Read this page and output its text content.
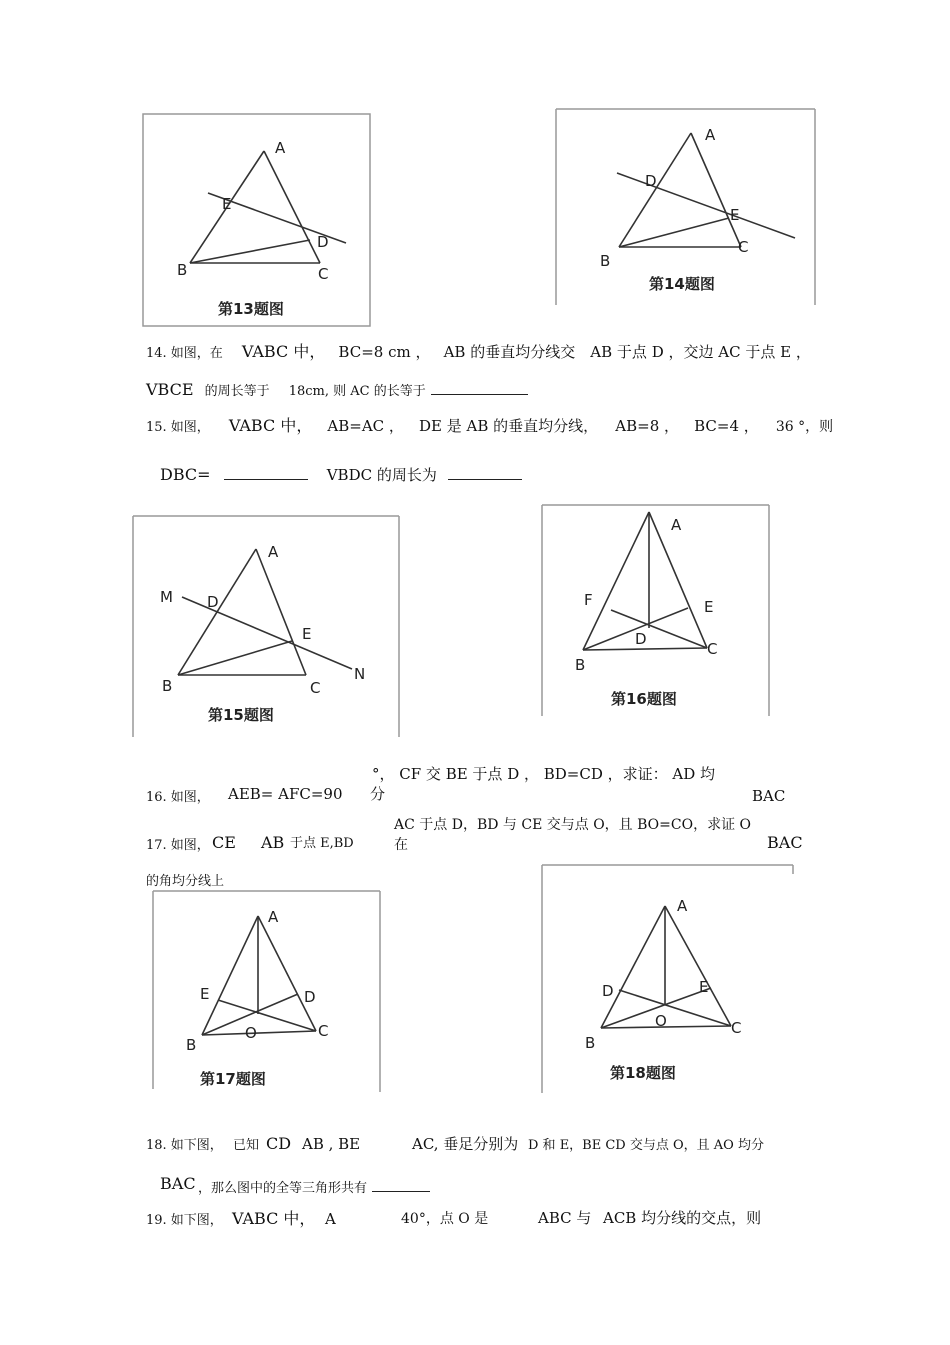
A
B	C
D
E
第13题图
A
B
C
D
E
第14题图
14. 如图，在 VABC 中， BC=8 cm ， AB 的垂直均分线交 AB 于点 D ，交边 AC 于点 E ，
VBCE 的周长等于 18cm, 则 AC 的长等于
15. 如图， VABC 中， AB=AC ， DE 是 AB 的垂直均分线， AB=8 ， BC=4 ， 36 °，则
DBC=	VBDC 的周长为
A
B	C
D
E
M
N
第15题图
A
B
C
D
E
F
第16题图
16. 如图， AEB= AFC=90
°， CF 交 BE 于点 D ， BD=CD ，求证： AD 均
分	BAC
17. 如图， CE AB 于点 E,BD
AC 于点 D，BD 与 CE 交与点 O，且 BO=CO，求证 O
在	BAC
的角均分线上
A
B
C
D
E
O
第17题图
A
B
C
D	E
O
第18题图
18. 如下图， 已知 CD AB , BE	AC, 垂足分别为 D 和 E，BE CD 交与点 O，且 AO 均分
BAC ，那么图中的全等三角形共有
19. 如下图， VABC 中， A	40°，点 O 是	ABC 与 ACB 均分线的交点，则
